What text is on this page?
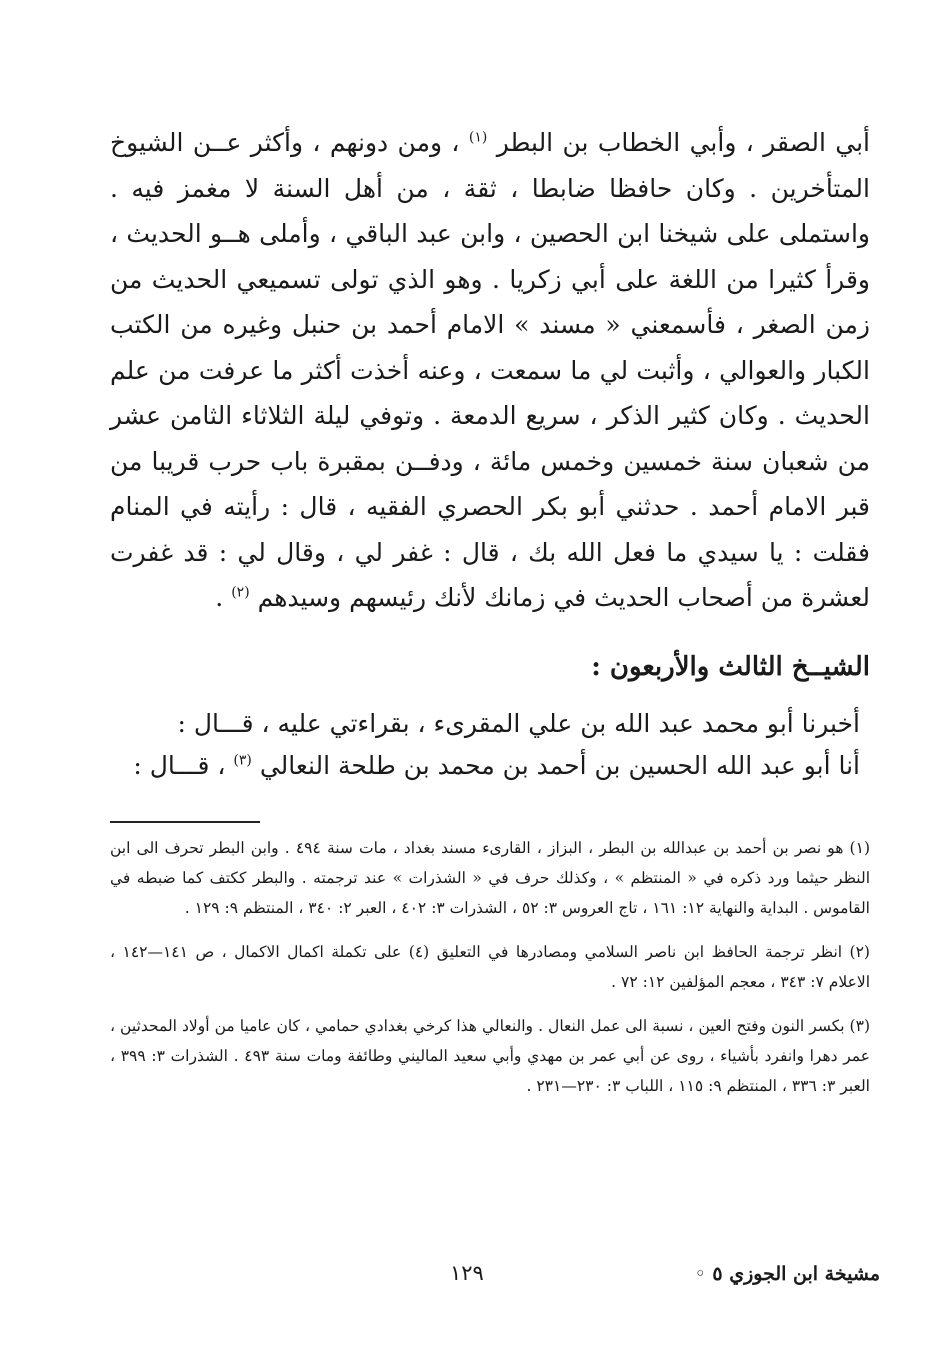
أبي الصقر ، وأبي الخطاب بن البطر $^{(١)}$ ، ومن دونهم ، وأكثر عــن الشيوخ المتأخرين . وكان حافظا ضابطا ، ثقة ، من أهل السنة لا مغمز فيه . واستملى على شيخنا ابن الحصين ، وابن عبد الباقي ، وأملى هــو الحديث ، وقرأ كثيرا من اللغة على أبي زكريا . وهو الذي تولى تسميعي الحديث من زمن الصغر ، فأسمعني « مسند » الامام أحمد بن حنبل وغيره من الكتب الكبار والعوالي ، وأثبت لي ما سمعت ، وعنه أخذت أكثر ما عرفت من علم الحديث . وكان كثير الذكر ، سريع الدمعة . وتوفي ليلة الثلاثاء الثامن عشر من شعبان سنة خمسين وخمس مائة ، ودفــن بمقبرة باب حرب قريبا من قبر الامام أحمد . حدثني أبو بكر الحصري الفقيه ، قال : رأيته في المنام فقلت : يا سيدي ما فعل الله بك ، قال : غفر لي ، وقال لي : قد غفرت لعشرة من أصحاب الحديث في زمانك لأنك رئيسهم وسيدهم $^{(٢)}$ .

الشيــخ الثالث والأربعون :
أخبرنا أبو محمد عبد الله بن علي المقرىء ، بقراءتي عليه ، قـــال :
أنا أبو عبد الله الحسين بن أحمد بن محمد بن طلحة النعالي $^{(٣)}$ ، قـــال :

(١) هو نصر بن أحمد بن عبدالله بن البطر ، البزاز ، القارىء مسند بغداد ، مات سنة ٤٩٤ . وابن البطر تحرف الى ابن النظر حيثما ورد ذكره في « المنتظم » ، وكذلك حرف في « الشذرات » عند ترجمته . والبطر ككتف كما ضبطه في القاموس . البداية والنهاية ١٢: ١٦١ ، تاج العروس ٣: ٥٢ ، الشذرات ٣: ٤٠٢ ، العبر ٢: ٣٤٠ ، المنتظم ٩: ١٢٩ .

(٢) انظر ترجمة الحافظ ابن ناصر السلامي ومصادرها في التعليق (٤) على تكملة اكمال الاكمال ، ص ١٤١—١٤٢ ، الاعلام ٧: ٣٤٣ ، معجم المؤلفين ١٢: ٧٢ .

(٣) بكسر النون وفتح العين ، نسبة الى عمل النعال . والنعالي هذا كرخي بغدادي حمامي ، كان عاميا من أولاد المحدثين ، عمر دهرا وانفرد بأشياء ، روى عن أبي عمر بن مهدي وأبي سعيد الماليني وطائفة ومات سنة ٤٩٣ . الشذرات ٣: ٣٩٩ ، العبر ٣: ٣٣٦ ، المنتظم ٩: ١١٥ ، اللباب ٣: ٢٣٠—٢٣١ .

مشيخة ابن الجوزي ٥ ◦
١٢٩
